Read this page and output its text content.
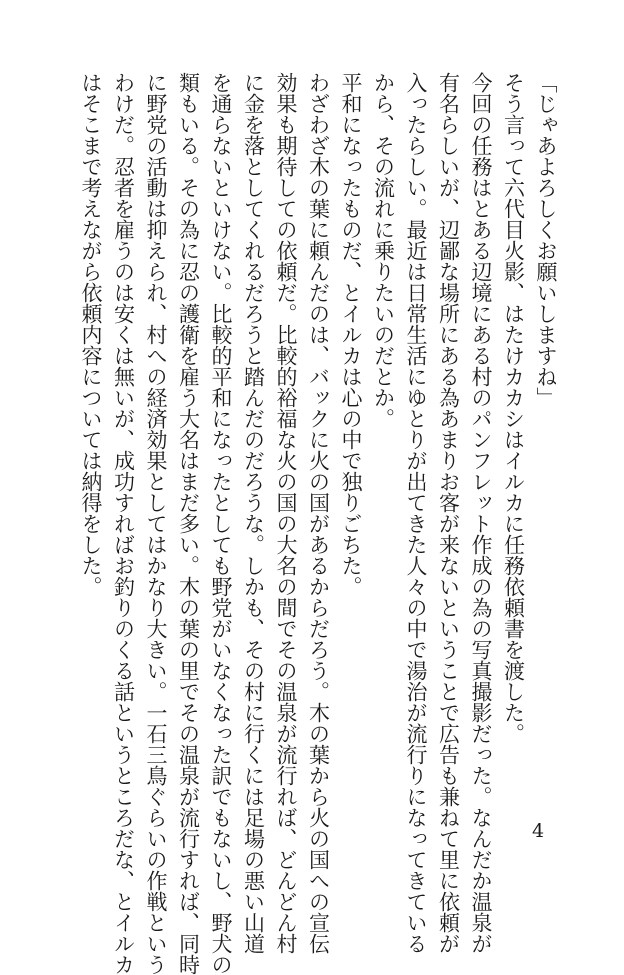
「じゃあよろしくお願いしますね」
そう言って六代目火影、はたけカカシはイルカに任務依頼書を渡した。
今回の任務はとある辺境にある村のパンフレット作成の為の写真撮影だった。なんだか温泉が
有名らしいが、辺鄙な場所にある為あまりお客が来ないということで広告も兼ねて里に依頼が
入ったらしい。最近は日常生活にゆとりが出てきた人々の中で湯治が流行りになってきている
から、その流れに乗りたいのだとか。
平和になったものだ、とイルカは心の中で独りごちた。
わざわざ木の葉に頼んだのは、バックに火の国があるからだろう。木の葉から火の国への宣伝
効果も期待しての依頼だ。比較的裕福な火の国の大名の間でその温泉が流行れば、どんどん村
に金を落としてくれるだろうと踏んだのだろうな。しかも、その村に行くには足場の悪い山道
を通らないといけない。比較的平和になったとしても野党がいなくなった訳でもないし、野犬の
類もいる。その為に忍の護衛を雇う大名はまだ多い。木の葉の里でその温泉が流行すれば、同時
に野党の活動は抑えられ、村への経済効果としてはかなり大きい。一石三鳥ぐらいの作戦という
わけだ。忍者を雇うのは安くは無いが、成功すればお釣りのくる話というところだな、とイルカ
はそこまで考えながら依頼内容については納得をした。
4
